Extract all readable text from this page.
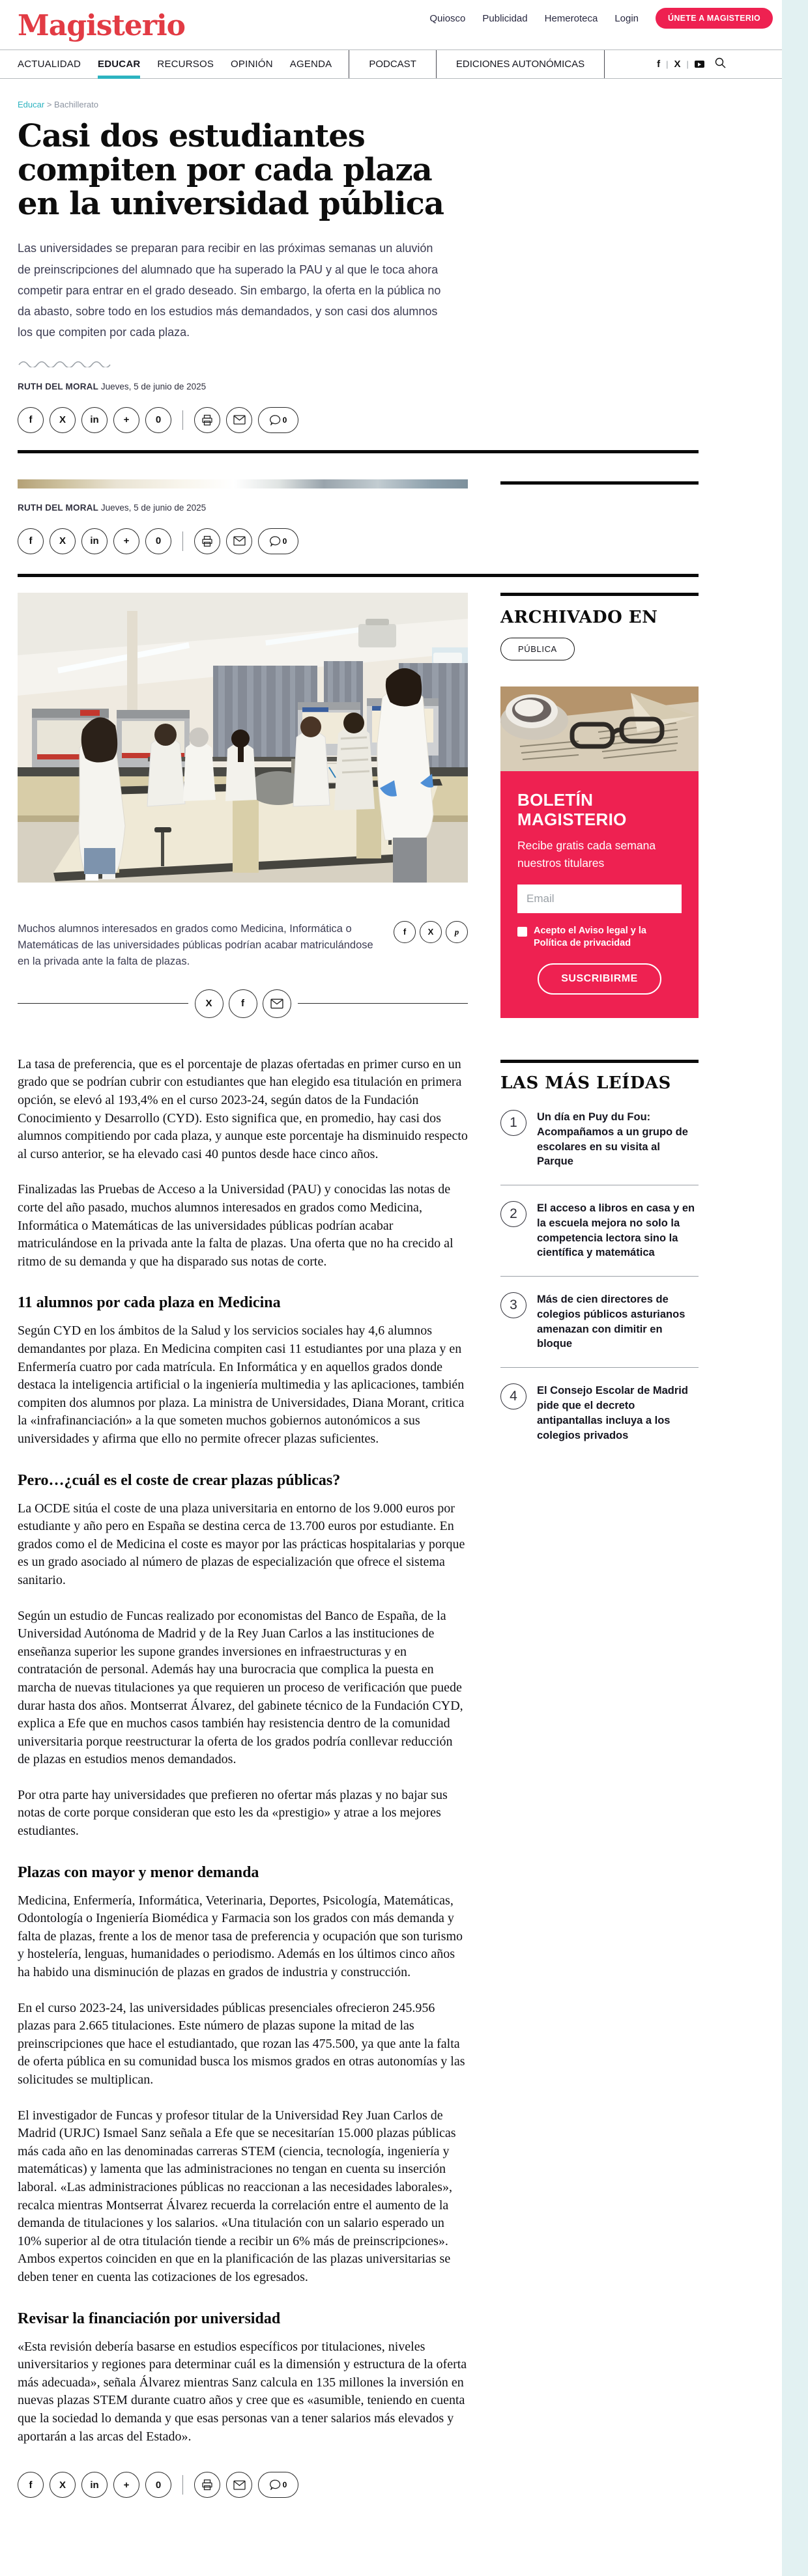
Quiosco Publicidad Hemeroteca Login	ÚNETE A MAGISTERIO
Magisterio
ACTUALIDAD EDUCAR RECURSOS OPINIÓN AGENDA	PODCAST	EDICIONES AUTONÓMICAS	f | X |
Educar > Bachillerato
Casi dos estudiantes compiten por cada plaza en la universidad pública

Las universidades se preparan para recibir en las próximas semanas un aluvión de preinscripciones del alumnado que ha superado la PAU y al que le toca ahora competir para entrar en el grado deseado. Sin embargo, la oferta en la pública no da abasto, sobre todo en los estudios más demandados, y son casi dos alumnos los que compiten por cada plaza.

RUTH DEL MORAL Jueves, 5 de junio de 2025
f	X	in	+	0	0
RUTH DEL MORAL Jueves, 5 de junio de 2025
f	X	in	+	0	0
Muchos alumnos interesados en grados como Medicina, Informática o Matemáticas de las universidades públicas podrían acabar matriculándose en la privada ante la falta de plazas.
f	X	p
X	f

La tasa de preferencia, que es el porcentaje de plazas ofertadas en primer curso en un grado que se podrían cubrir con estudiantes que han elegido esa titulación en primera opción, se elevó al 193,4% en el curso 2023-24, según datos de la Fundación Conocimiento y Desarrollo (CYD). Esto significa que, en promedio, hay casi dos alumnos compitiendo por cada plaza, y aunque este porcentaje ha disminuido respecto al curso anterior, se ha elevado casi 40 puntos desde hace cinco años.

Finalizadas las Pruebas de Acceso a la Universidad (PAU) y conocidas las notas de corte del año pasado, muchos alumnos interesados en grados como Medicina, Informática o Matemáticas de las universidades públicas podrían acabar matriculándose en la privada ante la falta de plazas. Una oferta que no ha crecido al ritmo de su demanda y que ha disparado sus notas de corte.

11 alumnos por cada plaza en Medicina

Según CYD en los ámbitos de la Salud y los servicios sociales hay 4,6 alumnos demandantes por plaza. En Medicina compiten casi 11 estudiantes por una plaza y en Enfermería cuatro por cada matrícula. En Informática y en aquellos grados donde destaca la inteligencia artificial o la ingeniería multimedia y las aplicaciones, también compiten dos alumnos por plaza. La ministra de Universidades, Diana Morant, critica la «infrafinanciación» a la que someten muchos gobiernos autonómicos a sus universidades y afirma que ello no permite ofrecer plazas suficientes.

Pero…¿cuál es el coste de crear plazas públicas?

La OCDE sitúa el coste de una plaza universitaria en entorno de los 9.000 euros por estudiante y año pero en España se destina cerca de 13.700 euros por estudiante. En grados como el de Medicina el coste es mayor por las prácticas hospitalarias y porque es un grado asociado al número de plazas de especialización que ofrece el sistema sanitario.

Según un estudio de Funcas realizado por economistas del Banco de España, de la Universidad Autónoma de Madrid y de la Rey Juan Carlos a las instituciones de enseñanza superior les supone grandes inversiones en infraestructuras y en contratación de personal. Además hay una burocracia que complica la puesta en marcha de nuevas titulaciones ya que requieren un proceso de verificación que puede durar hasta dos años. Montserrat Álvarez, del gabinete técnico de la Fundación CYD, explica a Efe que en muchos casos también hay resistencia dentro de la comunidad universitaria porque reestructurar la oferta de los grados podría conllevar reducción de plazas en estudios menos demandados.

Por otra parte hay universidades que prefieren no ofertar más plazas y no bajar sus notas de corte porque consideran que esto les da «prestigio» y atrae a los mejores estudiantes.

Plazas con mayor y menor demanda

Medicina, Enfermería, Informática, Veterinaria, Deportes, Psicología, Matemáticas, Odontología o Ingeniería Biomédica y Farmacia son los grados con más demanda y falta de plazas, frente a los de menor tasa de preferencia y ocupación que son turismo y hostelería, lenguas, humanidades o periodismo. Además en los últimos cinco años ha habido una disminución de plazas en grados de industria y construcción.

En el curso 2023-24, las universidades públicas presenciales ofrecieron 245.956 plazas para 2.665 titulaciones. Este número de plazas supone la mitad de las preinscripciones que hace el estudiantado, que rozan las 475.500, ya que ante la falta de oferta pública en su comunidad busca los mismos grados en otras autonomías y las solicitudes se multiplican.

El investigador de Funcas y profesor titular de la Universidad Rey Juan Carlos de Madrid (URJC) Ismael Sanz señala a Efe que se necesitarían 15.000 plazas públicas más cada año en las denominadas carreras STEM (ciencia, tecnología, ingeniería y matemáticas) y lamenta que las administraciones no tengan en cuenta su inserción laboral. «Las administraciones públicas no reaccionan a las necesidades laborales», recalca mientras Montserrat Álvarez recuerda la correlación entre el aumento de la demanda de titulaciones y los salarios. «Una titulación con un salario esperado un 10% superior al de otra titulación tiende a recibir un 6% más de preinscripciones». Ambos expertos coinciden en que en la planificación de las plazas universitarias se deben tener en cuenta las cotizaciones de los egresados.

Revisar la financiación por universidad

«Esta revisión debería basarse en estudios específicos por titulaciones, niveles universitarios y regiones para determinar cuál es la dimensión y estructura de la oferta más adecuada», señala Álvarez mientras Sanz calcula en 135 millones la inversión en nuevas plazas STEM durante cuatro años y cree que es «asumible, teniendo en cuenta que la sociedad lo demanda y que esas personas van a tener salarios más elevados y aportarán a las arcas del Estado».

f	X	in	+	0	0
ARCHIVADO EN
PÚBLICA
BOLETÍN MAGISTERIO
Recibe gratis cada semana nuestros titulares
Email
Acepto el Aviso legal y la Política de privacidad
SUSCRIBIRME
LAS MÁS LEÍDAS
1	Un día en Puy du Fou: Acompañamos a un grupo de escolares en su visita al Parque
2	El acceso a libros en casa y en la escuela mejora no solo la competencia lectora sino la científica y matemática
3	Más de cien directores de colegios públicos asturianos amenazan con dimitir en bloque
4	El Consejo Escolar de Madrid pide que el decreto antipantallas incluya a los colegios privados
